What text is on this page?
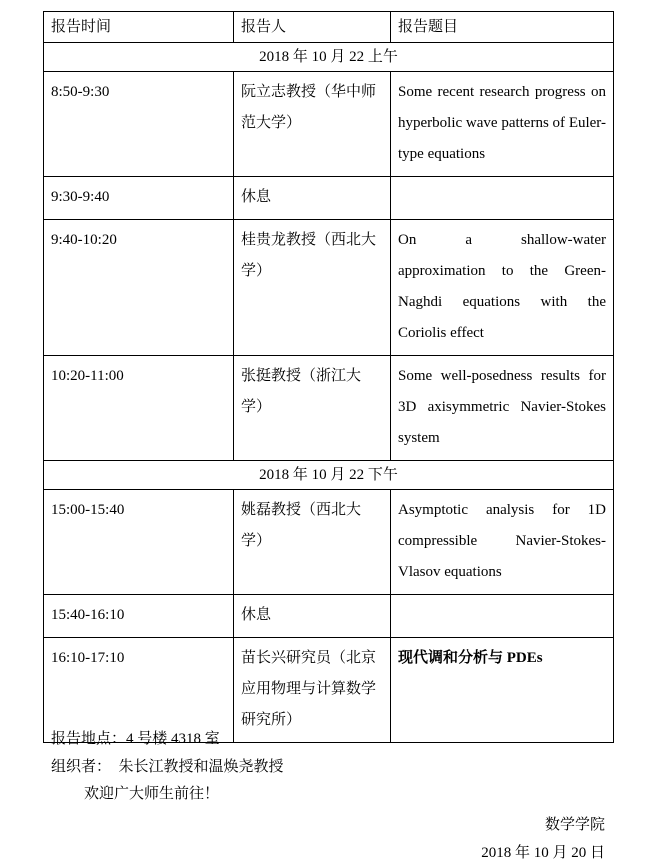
报告时间	报告人	报告题目
2018 年 10 月 22 上午		
8:50-9:30	阮立志教授（华中师范大学）	Some recent research progress on hyperbolic wave patterns of Euler-type equations
9:30-9:40	休息	
9:40-10:20	桂贵龙教授（西北大学）	On a shallow-water approximation to the Green-Naghdi equations with the Coriolis effect
10:20-11:00	张挺教授（浙江大学）	Some well-posedness results for 3D axisymmetric Navier-Stokes system
2018 年 10 月 22 下午		
15:00-15:40	姚磊教授（西北大学）	Asymptotic analysis for 1D compressible Navier-Stokes-Vlasov equations
15:40-16:10	休息	
16:10-17:10	苗长兴研究员（北京应用物理与计算数学研究所）	现代调和分析与 PDEs
报告地点：4 号楼 4318 室
组织者：  朱长江教授和温焕尧教授
欢迎广大师生前往！
数学学院
2018 年 10 月 20 日
